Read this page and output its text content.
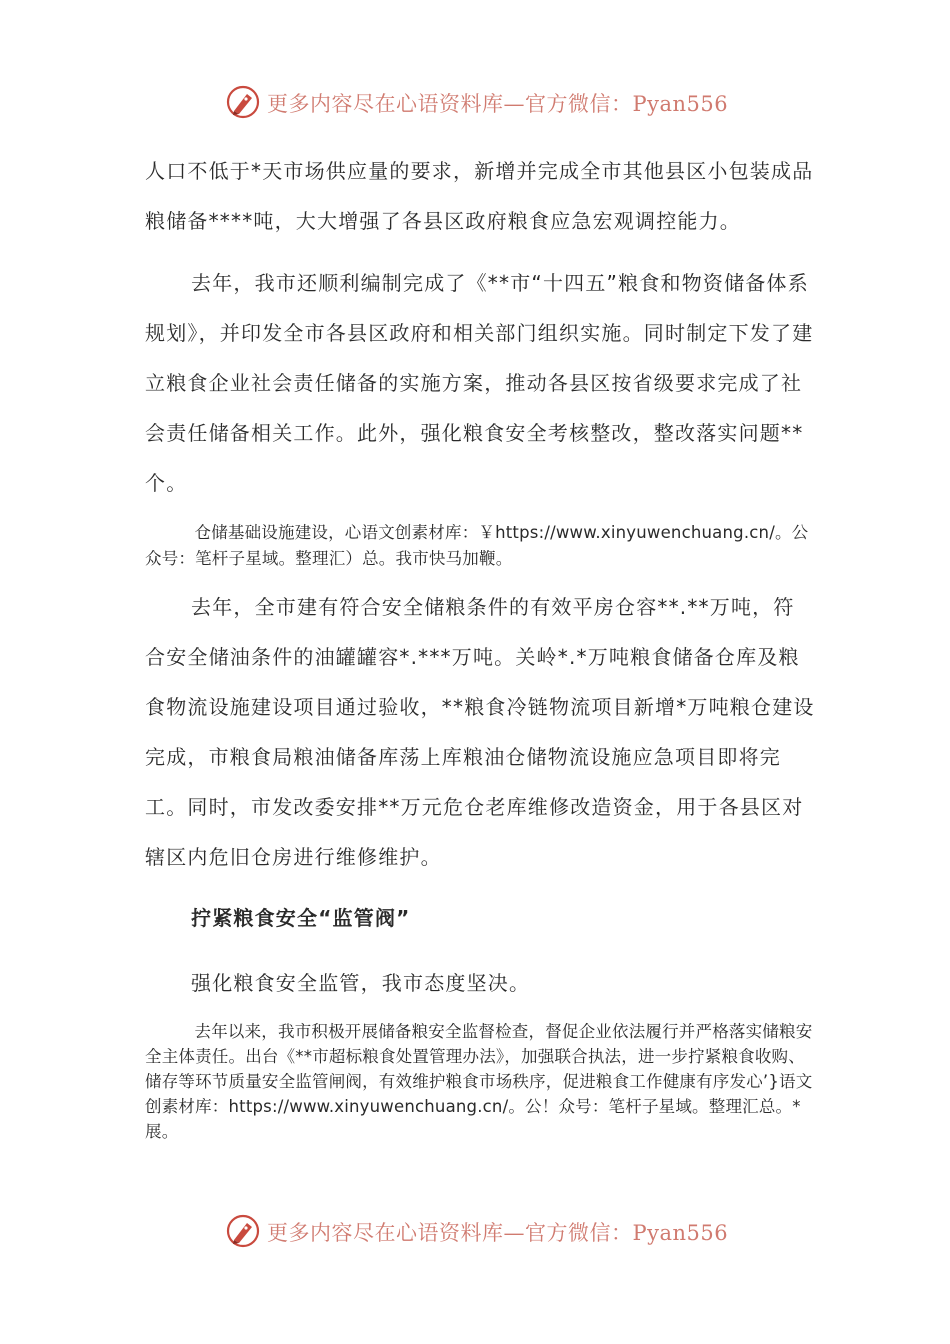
更多内容尽在心语资料库—官方微信：Pyan556

人口不低于*天市场供应量的要求，新增并完成全市其他县区小包装成品粮储备****吨，大大增强了各县区政府粮食应急宏观调控能力。

去年，我市还顺利编制完成了《**市“十四五”粮食和物资储备体系规划》，并印发全市各县区政府和相关部门组织实施。同时制定下发了建立粮食企业社会责任储备的实施方案，推动各县区按省级要求完成了社会责任储备相关工作。此外，强化粮食安全考核整改，整改落实问题**个。

仓储基础设施建设，心语文创素材库：￥https://www.xinyuwenchuang.cn/。公众号：笔杆子星域。整理汇）总。我市快马加鞭。

去年，全市建有符合安全储粮条件的有效平房仓容**.**万吨，符合安全储油条件的油罐罐容*.***万吨。关岭*.*万吨粮食储备仓库及粮食物流设施建设项目通过验收，**粮食冷链物流项目新增*万吨粮仓建设完成，市粮食局粮油储备库荡上库粮油仓储物流设施应急项目即将完工。同时，市发改委安排**万元危仓老库维修改造资金，用于各县区对辖区内危旧仓房进行维修维护。

拧紧粮食安全“监管阀”

强化粮食安全监管，我市态度坚决。

去年以来，我市积极开展储备粮安全监督检查，督促企业依法履行并严格落实储粮安全主体责任。出台《**市超标粮食处置管理办法》，加强联合执法，进一步拧紧粮食收购、储存等环节质量安全监管闸阀，有效维护粮食市场秩序，促进粮食工作健康有序发心’}语文创素材库：https://www.xinyuwenchuang.cn/。公！众号：笔杆子星域。整理汇总。*展。

更多内容尽在心语资料库—官方微信：Pyan556
